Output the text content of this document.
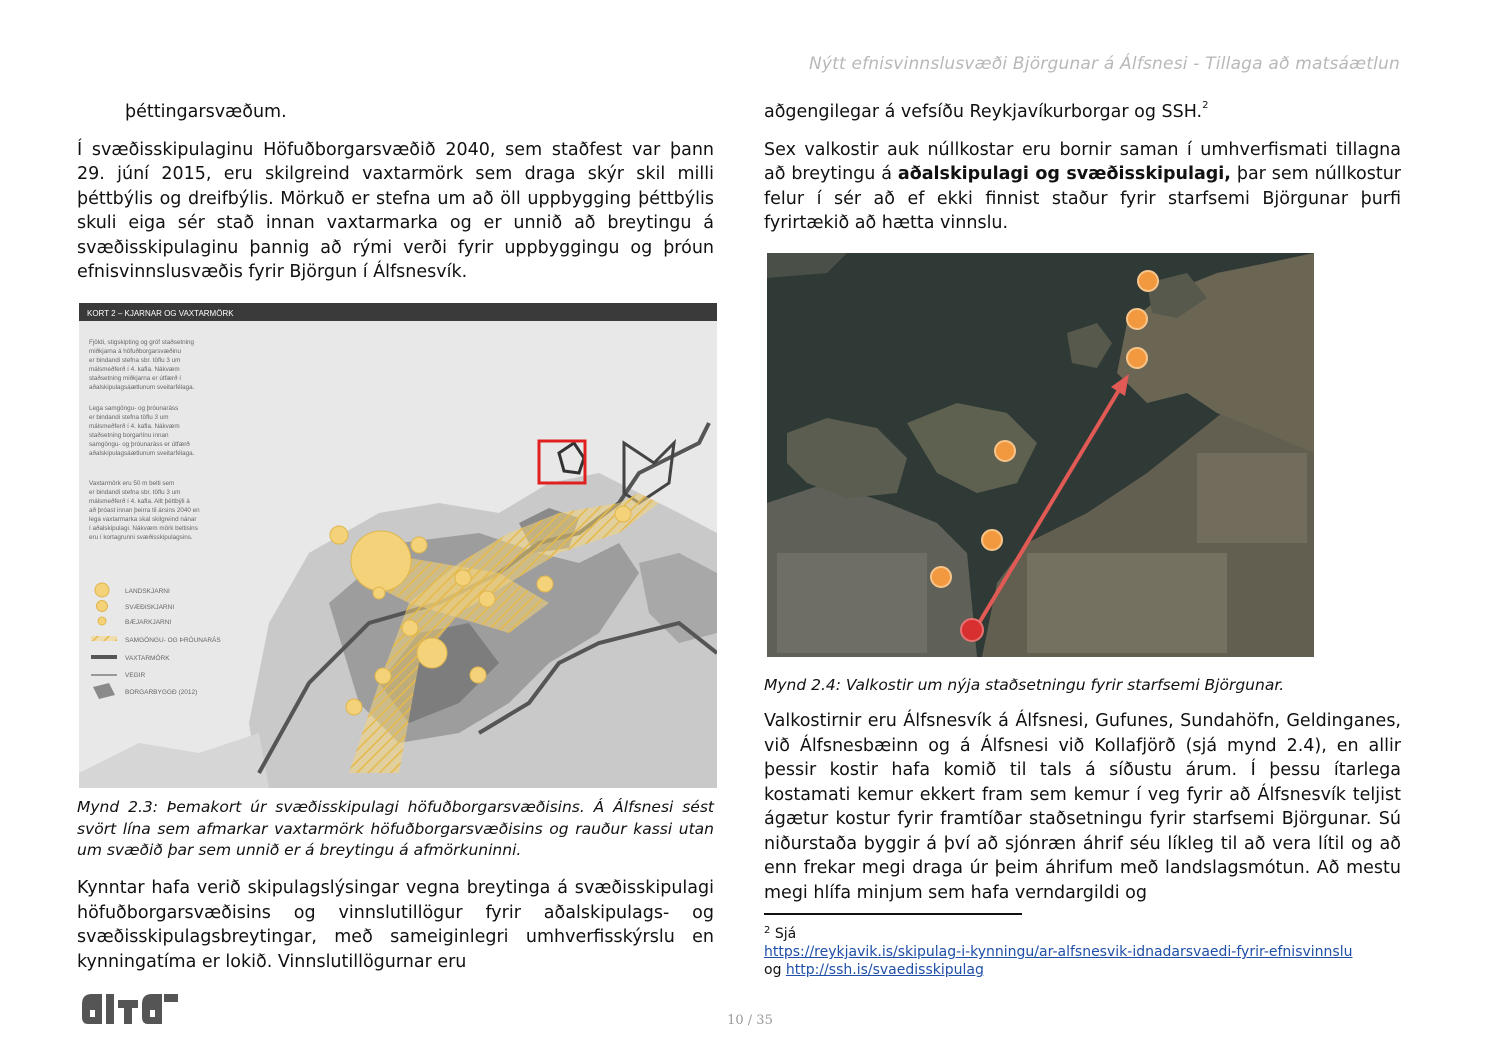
Nýtt efnisvinnslusvæði Björgunar á Álfsnesi - Tillaga að matsáætlun

þéttingarsvæðum.

Í svæðisskipulaginu Höfuðborgarsvæðið 2040, sem staðfest var þann 29. júní 2015, eru skilgreind vaxtarmörk sem draga skýr skil milli þéttbýlis og dreifbýlis. Mörkuð er stefna um að öll uppbygging þéttbýlis skuli eiga sér stað innan vaxtarmarka og er unnið að breytingu á svæðisskipulaginu þannig að rými verði fyrir uppbyggingu og þróun efnisvinnslusvæðis fyrir Björgun í Álfsnesvík.

KORT 2 – KJARNAR OG VAXTARMÖRK
Fjöldi, stigskipting og gróf staðsetning
miðkjarna á höfuðborgarsvæðinu
er bindandi stefna sbr. töflu 3 um
málsmeðferð í 4. kafla. Nákvæm
staðsetning miðkjarna er útfærð í
aðalskipulagsáætlunum sveitarfélaga.
Lega samgöngu- og þróunaráss
er bindandi stefna töflu 3 um
málsmeðferð í 4. kafla. Nákvæm
staðsetning borgarlínu innan
samgöngu- og þróunaráss er útfærð
aðalskipulagsáætlunum sveitarfélaga.
Vaxtarmörk eru 50 m belti sem
er bindandi stefna sbr. töflu 3 um
málsmeðferð í 4. kafla. Allt þéttbýli á
að þróast innan þeirra til ársins 2040 en
lega vaxtarmarka skal skilgreind nánar
í aðalskipulagi. Nákvæm mörk beltisins
eru í kortagrunni svæðisskipulagsins.
LANDSKJARNI
SVÆÐISKJARNI
BÆJARKJARNI
SAMGÖNGU- OG ÞRÓUNARÁS
VAXTARMÖRK
VEGIR
BORGARBYGGÐ (2012)

Mynd 2.3: Þemakort úr svæðisskipulagi höfuðborgarsvæðisins. Á Álfsnesi sést svört lína sem afmarkar vaxtarmörk höfuðborgarsvæðisins og rauður kassi utan um svæðið þar sem unnið er á breytingu á afmörkuninni.

Kynntar hafa verið skipulagslýsingar vegna breytinga á svæðisskipulagi höfuðborgarsvæðisins og vinnslutillögur fyrir aðalskipulags- og svæðisskipulagsbreytingar, með sameiginlegri umhverfisskýrslu en kynningatíma er lokið. Vinnslutillögurnar eru

aðgengilegar á vefsíðu Reykjavíkurborgar og SSH.$^2$

Sex valkostir auk núllkostar eru bornir saman í umhverfismati tillagna að breytingu á aðalskipulagi og svæðisskipulagi, þar sem núllkostur felur í sér að ef ekki finnist staður fyrir starfsemi Björgunar þurfi fyrirtækið að hætta vinnslu.

Mynd 2.4: Valkostir um nýja staðsetningu fyrir starfsemi Björgunar.

Valkostirnir eru Álfsnesvík á Álfsnesi, Gufunes, Sundahöfn, Geldinganes, við Álfsnesbæinn og á Álfsnesi við Kollafjörð (sjá mynd 2.4), en allir þessir kostir hafa komið til tals á síðustu árum. Í þessu ítarlega kostamati kemur ekkert fram sem kemur í veg fyrir að Álfsnesvík teljist ágætur kostur fyrir framtíðar staðsetningu fyrir starfsemi Björgunar. Sú niðurstaða byggir á því að sjónræn áhrif séu líkleg til að vera lítil og að enn frekar megi draga úr þeim áhrifum með landslagsmótun. Að mestu megi hlífa minjum sem hafa verndargildi og

$^2$ Sjá
https://reykjavik.is/skipulag-i-kynningu/ar-alfsnesvik-idnadarsvaedi-fyrir-efnisvinnslu
og http://ssh.is/svaedisskipulag
10 / 35
